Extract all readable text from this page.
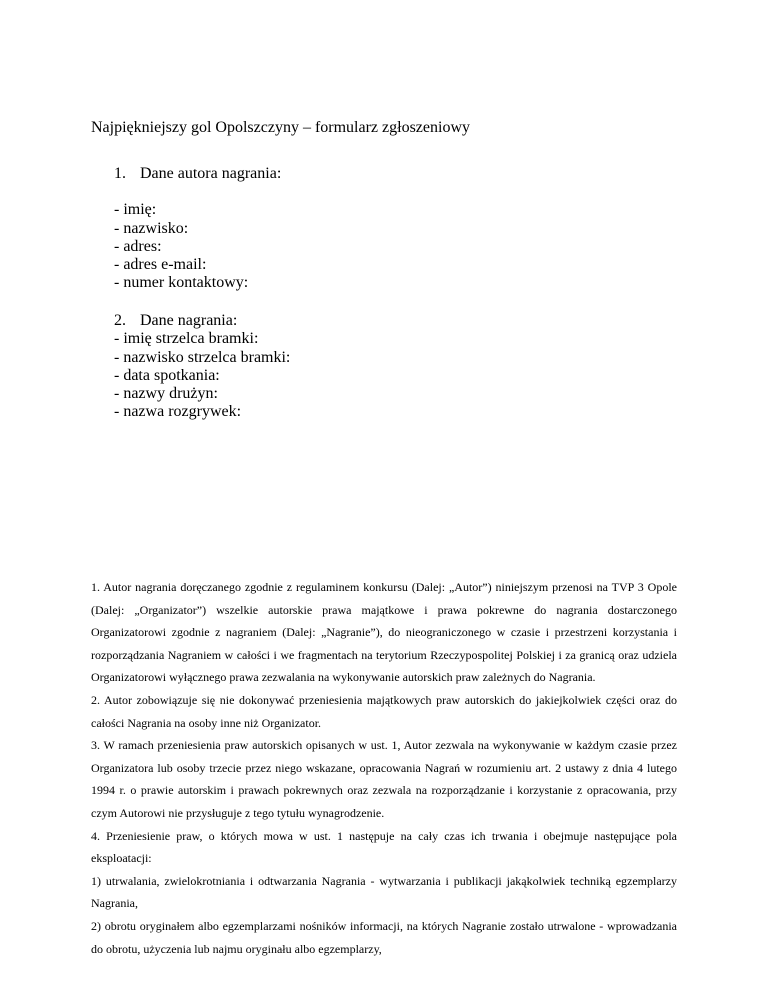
Najpiękniejszy gol Opolszczyny – formularz zgłoszeniowy
1. Dane autora nagrania:
- imię:
- nazwisko:
- adres:
- adres e-mail:
- numer kontaktowy:
2. Dane nagrania:
- imię strzelca bramki:
- nazwisko strzelca bramki:
- data spotkania:
- nazwy drużyn:
- nazwa rozgrywek:

1. Autor nagrania doręczanego zgodnie z regulaminem konkursu (Dalej: „Autor”) niniejszym przenosi na TVP 3 Opole (Dalej: „Organizator”) wszelkie autorskie prawa majątkowe i prawa pokrewne do nagrania dostarczonego Organizatorowi zgodnie z nagraniem (Dalej: „Nagranie”), do nieograniczonego w czasie i przestrzeni korzystania i rozporządzania Nagraniem w całości i we fragmentach na terytorium Rzeczypospolitej Polskiej i za granicą oraz udziela Organizatorowi wyłącznego prawa zezwalania na wykonywanie autorskich praw zależnych do Nagrania.

2. Autor zobowiązuje się nie dokonywać przeniesienia majątkowych praw autorskich do jakiejkolwiek części oraz do całości Nagrania na osoby inne niż Organizator.

3. W ramach przeniesienia praw autorskich opisanych w ust. 1, Autor zezwala na wykonywanie w każdym czasie przez Organizatora lub osoby trzecie przez niego wskazane, opracowania Nagrań w rozumieniu art. 2 ustawy z dnia 4 lutego 1994 r. o prawie autorskim i prawach pokrewnych oraz zezwala na rozporządzanie i korzystanie z opracowania, przy czym Autorowi nie przysługuje z tego tytułu wynagrodzenie.

4. Przeniesienie praw, o których mowa w ust. 1 następuje na cały czas ich trwania i obejmuje następujące pola eksploatacji:

1) utrwalania, zwielokrotniania i odtwarzania Nagrania - wytwarzania i publikacji jakąkolwiek techniką egzemplarzy Nagrania,

2) obrotu oryginałem albo egzemplarzami nośników informacji, na których Nagranie zostało utrwalone - wprowadzania do obrotu, użyczenia lub najmu oryginału albo egzemplarzy,
